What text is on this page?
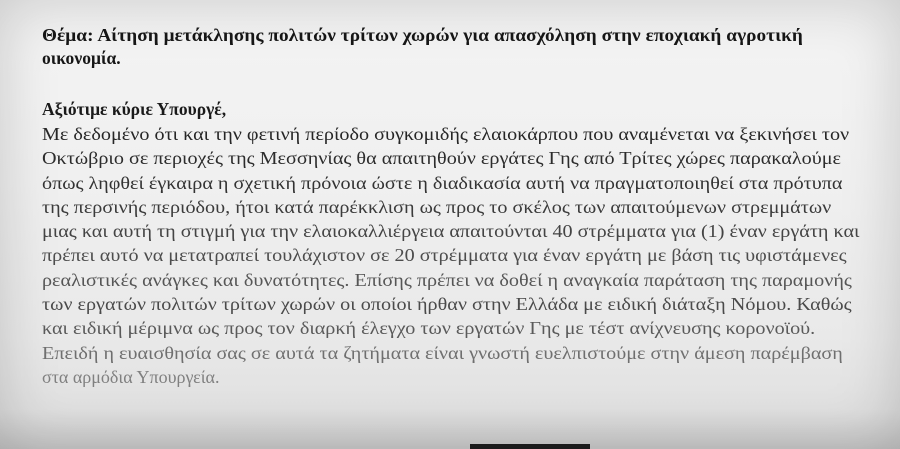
Θέμα: Αίτηση μετάκλησης πολιτών τρίτων χωρών για απασχόληση στην εποχιακή αγροτική
οικονομία.
Αξιότιμε κύριε Υπουργέ,
Με δεδομένο ότι και την φετινή περίοδο συγκομιδής ελαιοκάρπου που αναμένεται να ξεκινήσει τον
Οκτώβριο σε περιοχές της Μεσσηνίας θα απαιτηθούν εργάτες Γης από Τρίτες χώρες παρακαλούμε
όπως ληφθεί έγκαιρα η σχετική πρόνοια ώστε η διαδικασία αυτή να πραγματοποιηθεί στα πρότυπα
της περσινής περιόδου, ήτοι κατά παρέκκλιση ως προς το σκέλος των απαιτούμενων στρεμμάτων
μιας και αυτή τη στιγμή για την ελαιοκαλλιέργεια απαιτούνται 40 στρέμματα για (1) έναν εργάτη και
πρέπει αυτό να μετατραπεί τουλάχιστον σε 20 στρέμματα για έναν εργάτη με βάση τις υφιστάμενες
ρεαλιστικές ανάγκες και δυνατότητες. Επίσης πρέπει να δοθεί η αναγκαία παράταση της παραμονής
των εργατών πολιτών τρίτων χωρών οι οποίοι ήρθαν στην Ελλάδα με ειδική διάταξη Νόμου. Καθώς
και ειδική μέριμνα ως προς τον διαρκή έλεγχο των εργατών Γης με τέστ ανίχνευσης κορονοϊού.
Επειδή η ευαισθησία σας σε αυτά τα ζητήματα είναι γνωστή ευελπιστούμε στην άμεση παρέμβαση
στα αρμόδια Υπουργεία.
